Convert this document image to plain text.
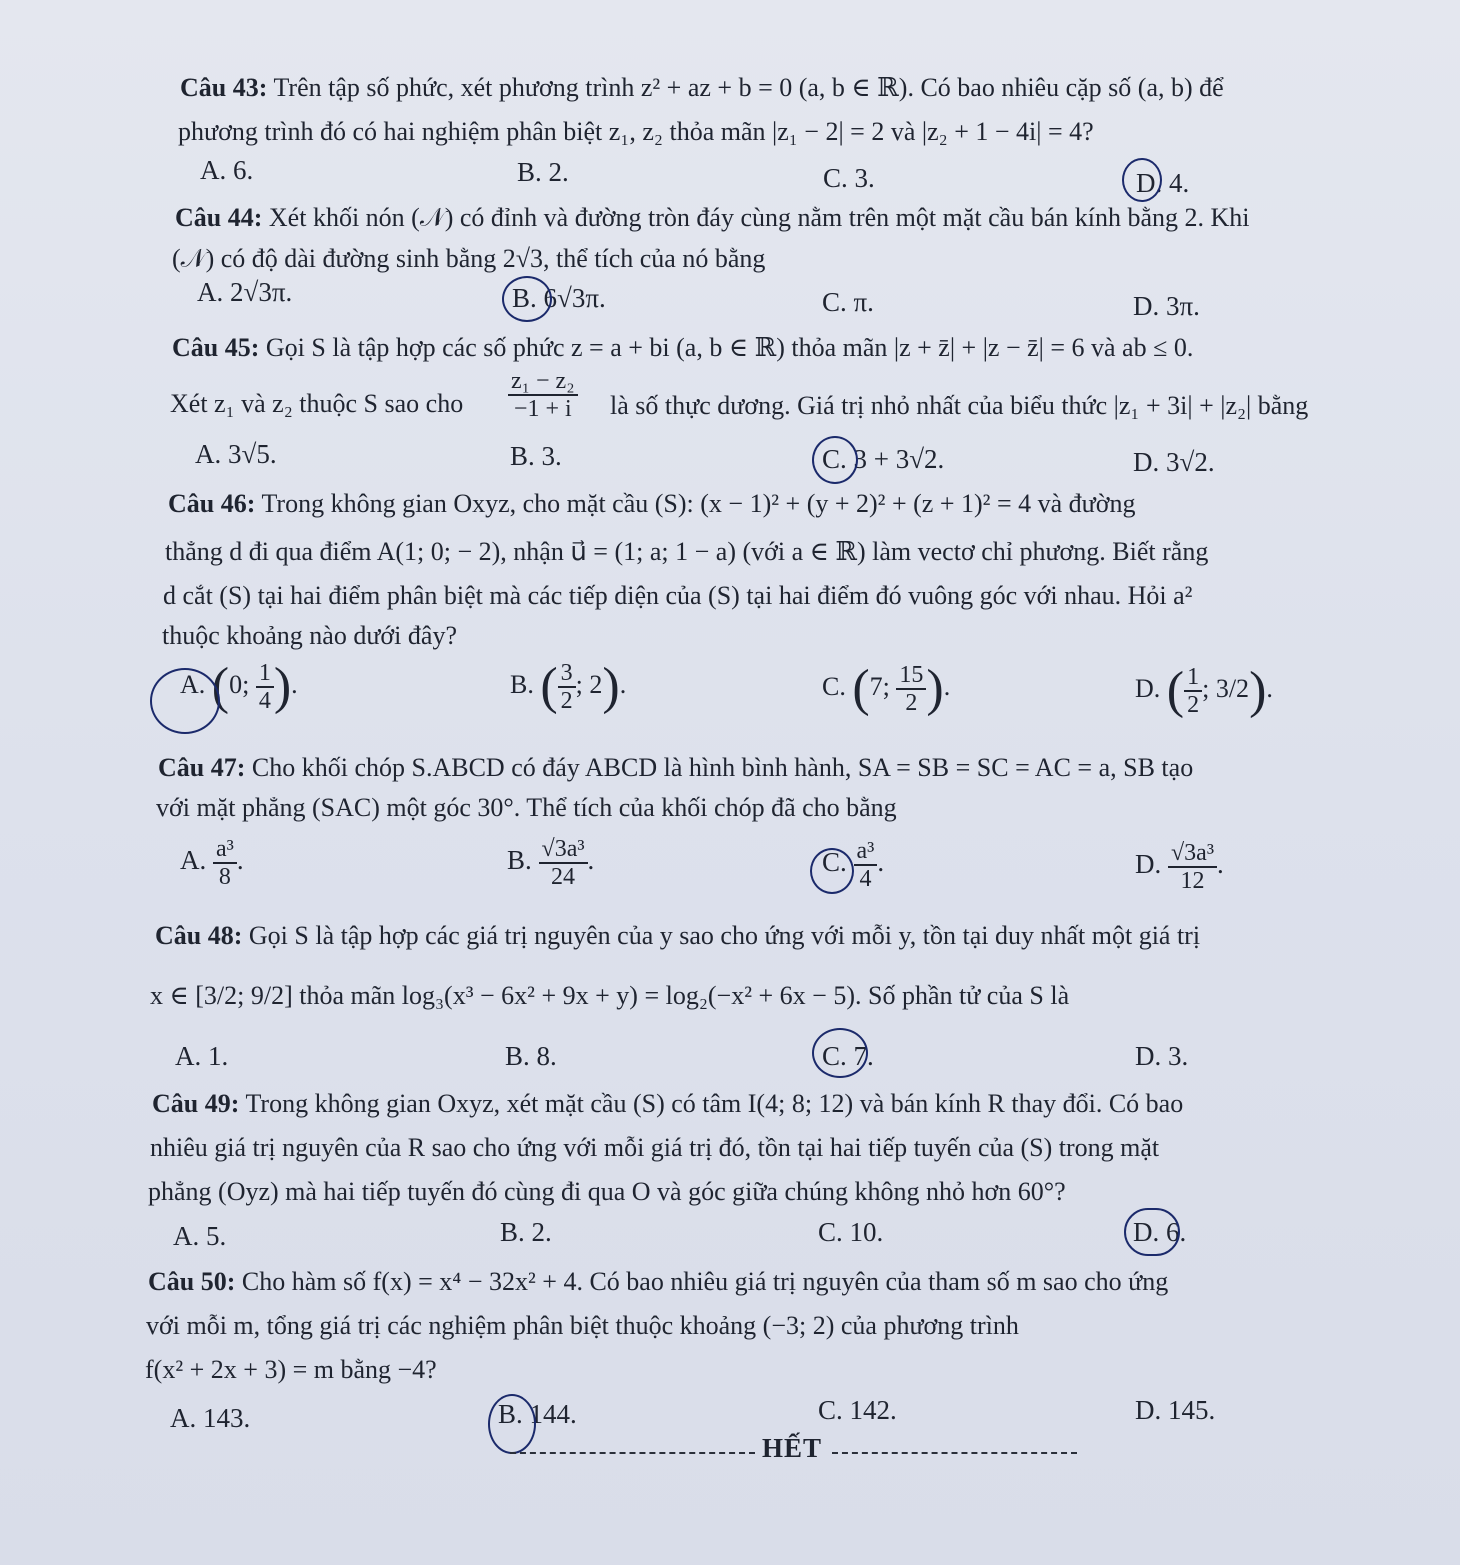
Câu 43: Trên tập số phức, xét phương trình z² + az + b = 0 (a, b ∈ ℝ). Có bao nhiêu cặp số (a, b) để
phương trình đó có hai nghiệm phân biệt z₁, z₂ thỏa mãn |z₁ − 2| = 2 và |z₂ + 1 − 4i| = 4?
A. 6.	B. 2.	C. 3.	D. 4.
Câu 44: Xét khối nón (𝒩) có đỉnh và đường tròn đáy cùng nằm trên một mặt cầu bán kính bằng 2. Khi
(𝒩) có độ dài đường sinh bằng 2√3, thể tích của nó bằng
A. 2√3π.	B. 6√3π.	C. π.	D. 3π.
Câu 45: Gọi S là tập hợp các số phức z = a + bi (a, b ∈ ℝ) thỏa mãn |z + z̄| + |z − z̄| = 6 và ab ≤ 0.
Xét z₁ và z₂ thuộc S sao cho $\frac{\text{z₁ − z₂}}{-1 + i}$ là số thực dương. Giá trị nhỏ nhất của biểu thức |z₁ + 3i| + |z₂| bằng
A. 3√5.	B. 3.	C. 3 + 3√2.	D. 3√2.
Câu 46: Trong không gian Oxyz, cho mặt cầu (S): (x − 1)² + (y + 2)² + (z + 1)² = 4 và đường
thẳng d đi qua điểm A(1; 0; − 2), nhận u⃗ = (1; a; 1 − a) (với a ∈ ℝ) làm vectơ chỉ phương. Biết rằng
d cắt (S) tại hai điểm phân biệt mà các tiếp diện của (S) tại hai điểm đó vuông góc với nhau. Hỏi a²
thuộc khoảng nào dưới đây?
A. (0; $\frac{1}{4}$ ).	B. ( $\frac{3}{2}$ ; 2).	C. (7; $\frac{15}{2}$ ).	D. ( $\frac{1}{2}$ ; 3/2).
Câu 47: Cho khối chóp S.ABCD có đáy ABCD là hình bình hành, SA = SB = SC = AC = a, SB tạo
với mặt phẳng (SAC) một góc 30°. Thể tích của khối chóp đã cho bằng
A. $\frac{\text{a³}}{8}$ .	B. $\frac{\text{√3a³}}{24}$ .	C. $\frac{\text{a³}}{4}$ .	D. $\frac{\text{√3a³}}{12}$ .
Câu 48: Gọi S là tập hợp các giá trị nguyên của y sao cho ứng với mỗi y, tồn tại duy nhất một giá trị
x ∈ [3/2; 9/2] thỏa mãn log₃(x³ − 6x² + 9x + y) = log₂(−x² + 6x − 5). Số phần tử của S là
A. 1.	B. 8.	C. 7.	D. 3.
Câu 49: Trong không gian Oxyz, xét mặt cầu (S) có tâm I(4; 8; 12) và bán kính R thay đổi. Có bao
nhiêu giá trị nguyên của R sao cho ứng với mỗi giá trị đó, tồn tại hai tiếp tuyến của (S) trong mặt
phẳng (Oyz) mà hai tiếp tuyến đó cùng đi qua O và góc giữa chúng không nhỏ hơn 60°?
A. 5.	B. 2.	C. 10.	D. 6.
Câu 50: Cho hàm số f(x) = x⁴ − 32x² + 4. Có bao nhiêu giá trị nguyên của tham số m sao cho ứng
với mỗi m, tổng giá trị các nghiệm phân biệt thuộc khoảng (−3; 2) của phương trình
f(x² + 2x + 3) = m bằng −4?
A. 143.	B. 144.	C. 142.	D. 145.
HẾT
